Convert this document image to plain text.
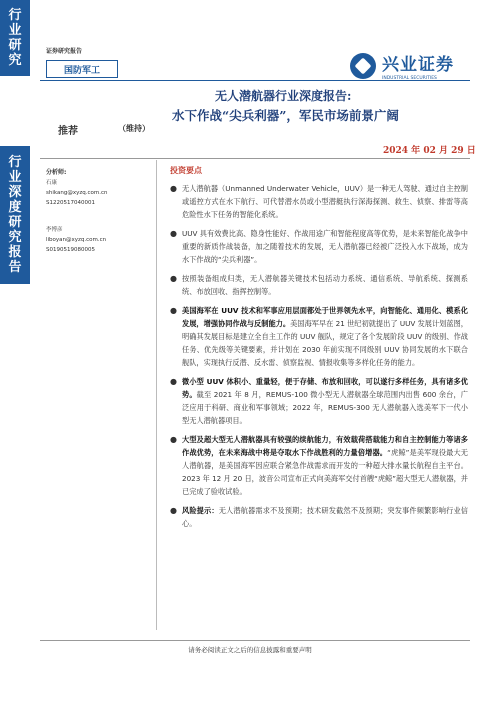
行
业
研
究
行
业
深
度
研
究
报
告
证券研究报告
国防军工	兴业证券
INDUSTRIAL SECURITIES
无人潜航器行业深度报告:
水下作战“尖兵利器”，军民市场前景广阔
推荐	（维持）
2024 年 02 月 29 日
分析师:
石康
shikang@xyzq.com.cn
S1220517040001
李博彦
liboyan@xyzq.com.cn
S0190519080005
投资要点
● 无人潜航器（Unmanned Underwater Vehicle，UUV）是一种无人驾驶、通过自主控制或遥控方式在水下航行、可代替潜水员或小型潜艇执行深海探测、救生、侦察、排雷等高危险性水下任务的智能化系统。
● UUV 具有效费比高、隐身性能好、作战用途广和智能程度高等优势，是未来智能化战争中重要的新质作战装备，加之随着技术的发展，无人潜航器已经被广泛投入水下战场，成为水下作战的“尖兵利器”。
● 按照装备组成归类，无人潜航器关键技术包括动力系统、通信系统、导航系统、探测系统、布放回收、指挥控制等。
● 美国海军在 UUV 技术和军事应用层面都处于世界领先水平，向智能化、通用化、模系化发展，增强协同作战与反制能力。美国海军早在 21 世纪初就提出了 UUV 发展计划蓝图，明确其发展目标是建立全自主工作的 UUV 舰队，规定了各个发展阶段 UUV 的级别、作战任务、优先级等关键要素，并计划在 2030 年前实现不同级别 UUV 协同发展的水下联合舰队，实现执行反潜、反水雷、侦察监视、情报收集等多样化任务的能力。
● 微小型 UUV 体积小、重量轻，便于存储、布放和回收，可以遂行多样任务，具有诸多优势。截至 2021 年 8 月，REMUS-100 微小型无人潜航器全球范围内出售 600 余台，广泛应用于科研、商业和军事领域；2022 年，REMUS-300 无人潜航器入选美军下一代小型无人潜航器项目。
● 大型及超大型无人潜航器具有较强的续航能力，有效载荷搭载能力和自主控制能力等诸多作战优势，在未来海战中将是夺取水下作战胜利的力量倍增器。“虎鲸”是美军现役最大无人潜航器，是美国海军因应联合紧急作战需求而开发的一种超大排水量长航程自主平台。2023 年 12 月 20 日，波音公司宣布正式向美海军交付首艘“虎鲸”超大型无人潜航器，并已完成了验收试验。
● 风险提示：无人潜航器需求不及预期；技术研发截然不及预期；突发事件频繁影响行业信心。
请务必阅读正文之后的信息披露和重要声明
